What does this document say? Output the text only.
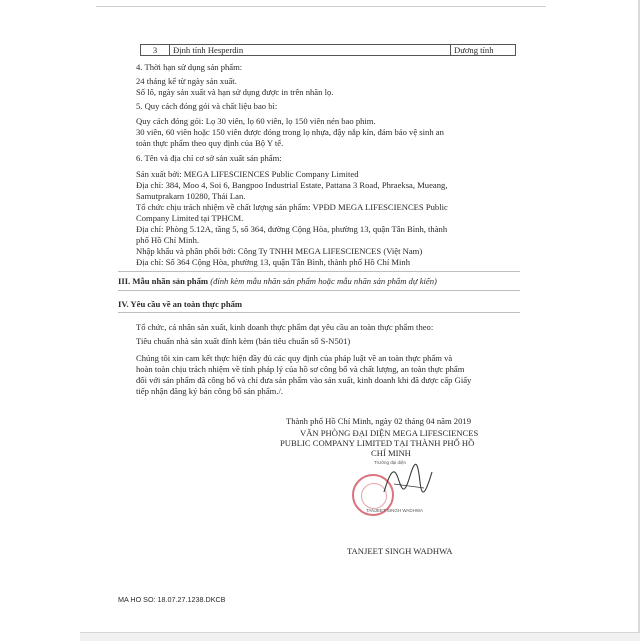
3	Định tính Hesperdin	Dương tính
4. Thời hạn sử dụng sản phẩm:
24 tháng kể từ ngày sản xuất.
Số lô, ngày sản xuất và hạn sử dụng được in trên nhãn lọ.
5. Quy cách đóng gói và chất liệu bao bì:
Quy cách đóng gói: Lọ 30 viên, lọ 60 viên, lọ 150 viên nén bao phim.
30 viên, 60 viên hoặc 150 viên được đóng trong lọ nhựa, đậy nắp kín, đảm bảo vệ sinh an
toàn thực phẩm theo quy định của Bộ Y tế.
6. Tên và địa chỉ cơ sở sản xuất sản phẩm:
Sản xuất bởi: MEGA LIFESCIENCES Public Company Limited
Địa chỉ: 384, Moo 4, Soi 6, Bangpoo Industrial Estate, Pattana 3 Road, Phraeksa, Mueang,
Samutprakarn 10280, Thái Lan.
Tổ chức chịu trách nhiệm về chất lượng sản phẩm: VPĐD MEGA LIFESCIENCES Public
Company Limited tại TPHCM.
Địa chỉ: Phòng 5.12A, tầng 5, số 364, đường Cộng Hòa, phường 13, quận Tân Bình, thành
phố Hồ Chí Minh.
Nhập khẩu và phân phối bởi: Công Ty TNHH MEGA LIFESCIENCES (Việt Nam)
Địa chỉ: Số 364 Cộng Hòa, phường 13, quận Tân Bình, thành phố Hồ Chí Minh
III. Mẫu nhãn sản phẩm (đính kèm mẫu nhãn sản phẩm hoặc mẫu nhãn sản phẩm dự kiến)
IV. Yêu cầu về an toàn thực phẩm
Tổ chức, cá nhân sản xuất, kinh doanh thực phẩm đạt yêu cầu an toàn thực phẩm theo:
Tiêu chuẩn nhà sản xuất đính kèm (bản tiêu chuẩn số S-N501)
Chúng tôi xin cam kết thực hiện đầy đủ các quy định của pháp luật về an toàn thực phẩm và
hoàn toàn chịu trách nhiệm về tính pháp lý của hồ sơ công bố và chất lượng, an toàn thực phẩm
đối với sản phẩm đã công bố và chỉ đưa sản phẩm vào sản xuất, kinh doanh khi đã được cấp Giấy
tiếp nhận đăng ký bản công bố sản phẩm./.
Thành phố Hồ Chí Minh, ngày 02 tháng 04 năm 2019
VĂN PHÒNG ĐẠI DIỆN MEGA LIFESCIENCES
PUBLIC COMPANY LIMITED TẠI THÀNH PHỐ HỒ
CHÍ MINH
Trưởng đại diện
TANJEET SINGH WADHWA
TANJEET SINGH WADHWA
MA HO SO: 18.07.27.1238.DKCB
